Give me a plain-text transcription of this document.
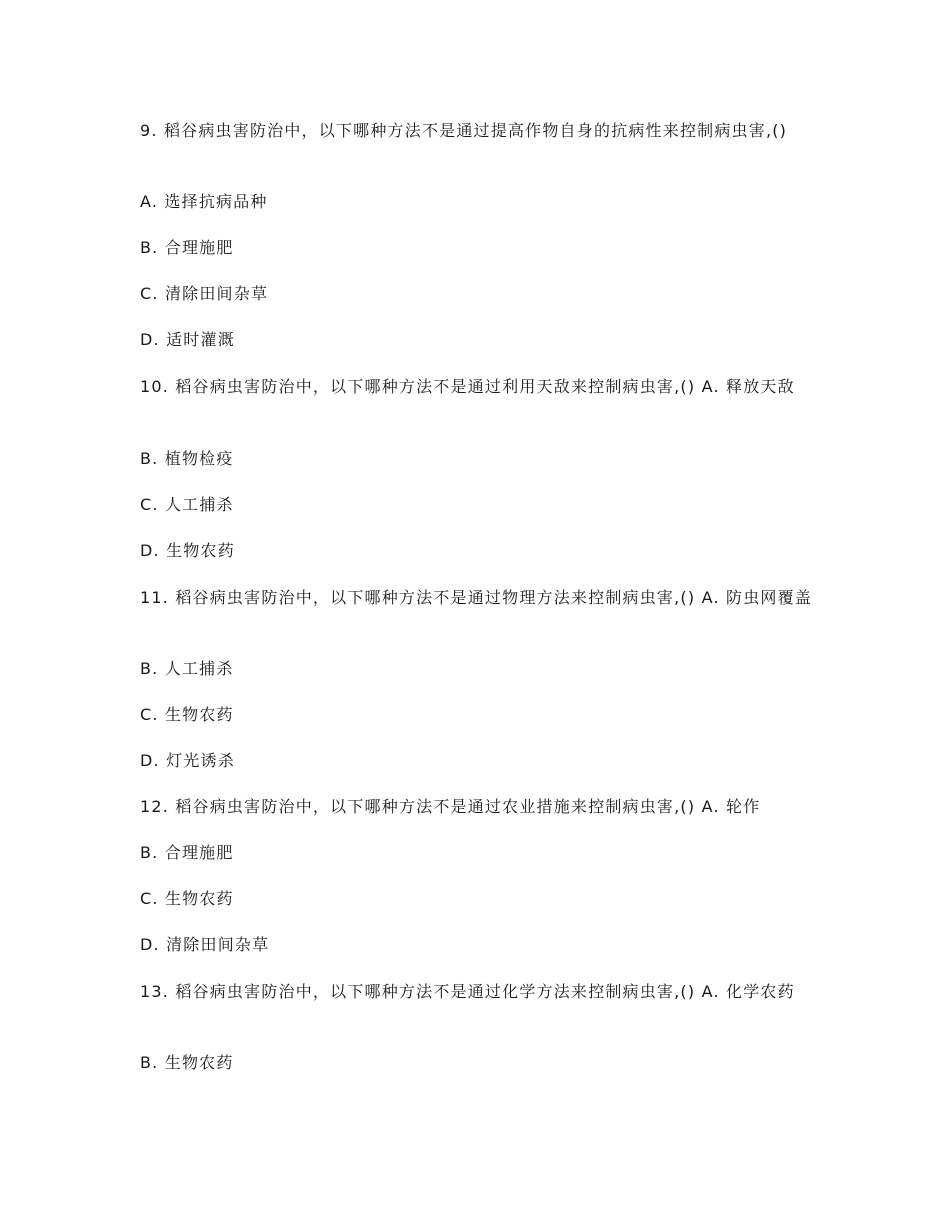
9. 稻谷病虫害防治中，以下哪种方法不是通过提高作物自身的抗病性来控制病虫害,()
A. 选择抗病品种
B. 合理施肥
C. 清除田间杂草
D. 适时灌溉
10. 稻谷病虫害防治中，以下哪种方法不是通过利用天敌来控制病虫害,() A. 释放天敌
B. 植物检疫
C. 人工捕杀
D. 生物农药
11. 稻谷病虫害防治中，以下哪种方法不是通过物理方法来控制病虫害,() A. 防虫网覆盖
B. 人工捕杀
C. 生物农药
D. 灯光诱杀
12. 稻谷病虫害防治中，以下哪种方法不是通过农业措施来控制病虫害,() A. 轮作
B. 合理施肥
C. 生物农药
D. 清除田间杂草
13. 稻谷病虫害防治中，以下哪种方法不是通过化学方法来控制病虫害,() A. 化学农药
B. 生物农药
